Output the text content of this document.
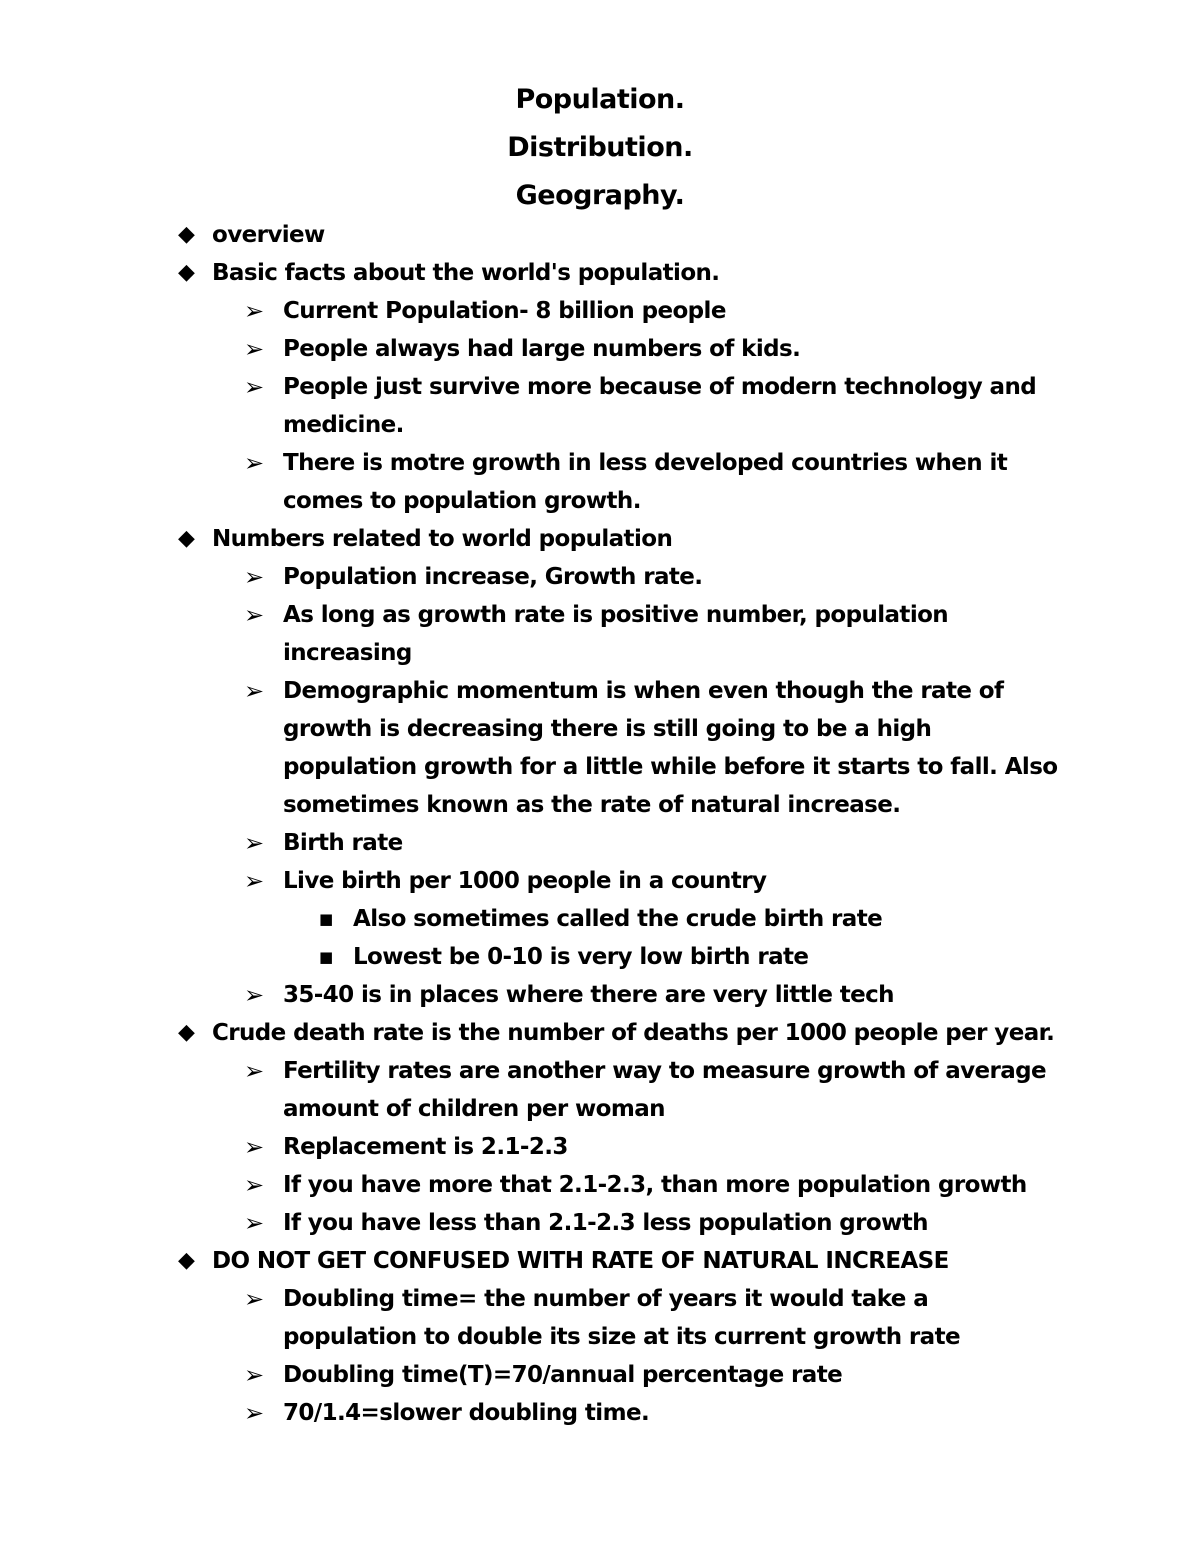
Population.
Distribution.
Geography.
◆ overview
◆ Basic facts about the world's population.
➢ Current Population- 8 billion people
➢ People always had large numbers of kids.
➢ People just survive more because of modern technology and medicine.
➢ There is motre growth in less developed countries when it comes to population growth.
◆ Numbers related to world population
➢ Population increase, Growth rate.
➢ As long as growth rate is positive number, population increasing
➢ Demographic momentum is when even though the rate of growth is decreasing there is still going to be a high population growth for a little while before it starts to fall. Also sometimes known as the rate of natural increase.
➢ Birth rate
➢ Live birth per 1000 people in a country
■ Also sometimes called the crude birth rate
■ Lowest be 0-10 is very low birth rate
➢ 35-40 is in places where there are very little tech
◆ Crude death rate is the number of deaths per 1000 people per year.
➢ Fertility rates are another way to measure growth of average amount of children per woman
➢ Replacement is 2.1-2.3
➢ If you have more that 2.1-2.3, than more population growth
➢ If you have less than 2.1-2.3 less population growth
◆ DO NOT GET CONFUSED WITH RATE OF NATURAL INCREASE
➢ Doubling time= the number of years it would take a population to double its size at its current growth rate
➢ Doubling time(T)=70/annual percentage rate
➢ 70/1.4=slower doubling time.
